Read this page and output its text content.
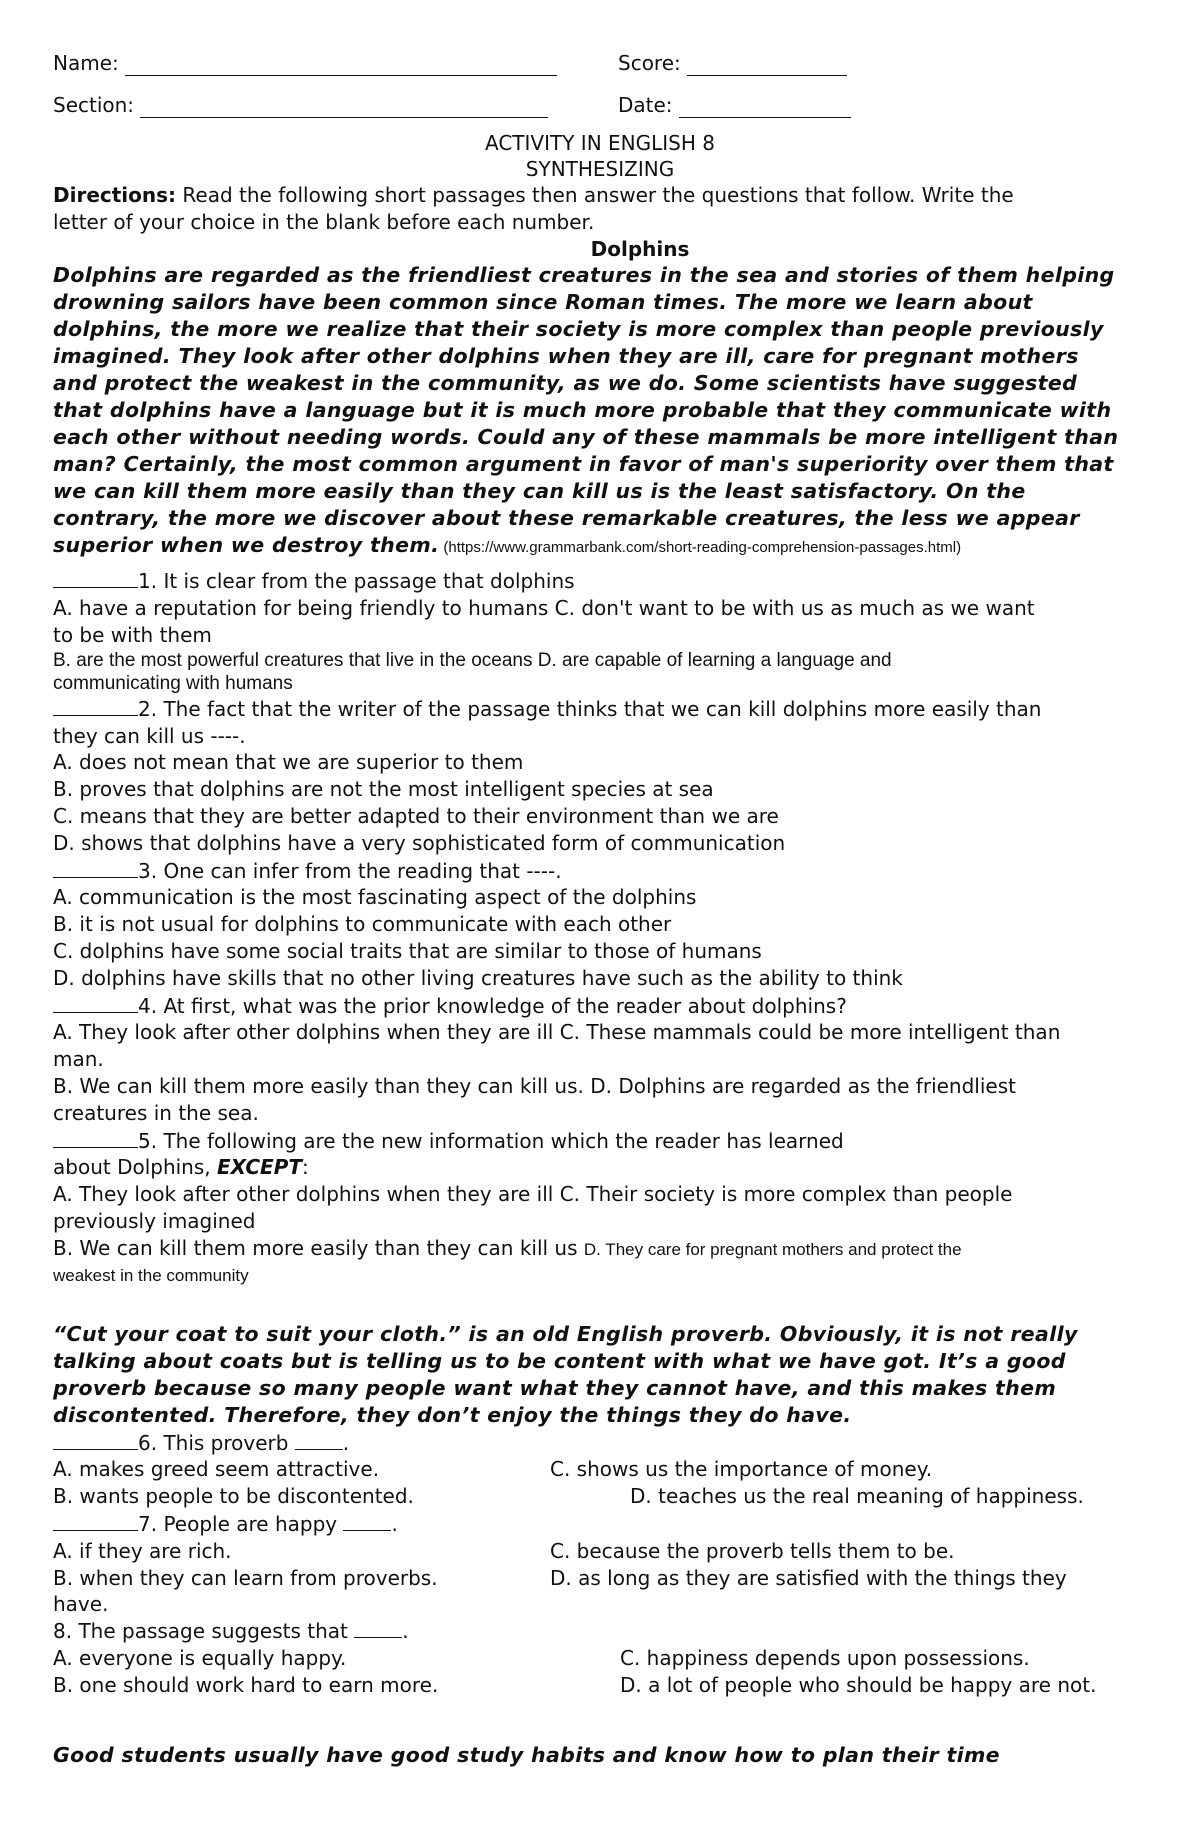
Name:	Score:
Section:	Date:
ACTIVITY IN ENGLISH 8
SYNTHESIZING
Directions: Read the following short passages then answer the questions that follow. Write the
letter of your choice in the blank before each number.
Dolphins
Dolphins are regarded as the friendliest creatures in the sea and stories of them helping
drowning sailors have been common since Roman times. The more we learn about
dolphins, the more we realize that their society is more complex than people previously
imagined. They look after other dolphins when they are ill, care for pregnant mothers
and protect the weakest in the community, as we do. Some scientists have suggested
that dolphins have a language but it is much more probable that they communicate with
each other without needing words. Could any of these mammals be more intelligent than
man? Certainly, the most common argument in favor of man's superiority over them that
we can kill them more easily than they can kill us is the least satisfactory. On the
contrary, the more we discover about these remarkable creatures, the less we appear
superior when we destroy them. (https://www.grammarbank.com/short-reading-comprehension-passages.html)
1. It is clear from the passage that dolphins
A. have a reputation for being friendly to humans C. don't want to be with us as much as we want
to be with them
B. are the most powerful creatures that live in the oceans D. are capable of learning a language and
communicating with humans
2. The fact that the writer of the passage thinks that we can kill dolphins more easily than
they can kill us ----.
A. does not mean that we are superior to them
B. proves that dolphins are not the most intelligent species at sea
C. means that they are better adapted to their environment than we are
D. shows that dolphins have a very sophisticated form of communication
3. One can infer from the reading that ----.
A. communication is the most fascinating aspect of the dolphins
B. it is not usual for dolphins to communicate with each other
C. dolphins have some social traits that are similar to those of humans
D. dolphins have skills that no other living creatures have such as the ability to think
4. At first, what was the prior knowledge of the reader about dolphins?
A. They look after other dolphins when they are ill C. These mammals could be more intelligent than
man.
B. We can kill them more easily than they can kill us. D. Dolphins are regarded as the friendliest
creatures in the sea.
5. The following are the new information which the reader has learned
about Dolphins, EXCEPT:
A. They look after other dolphins when they are ill C. Their society is more complex than people
previously imagined
B. We can kill them more easily than they can kill us D. They care for pregnant mothers and protect the
weakest in the community
“Cut your coat to suit your cloth.” is an old English proverb. Obviously, it is not really
talking about coats but is telling us to be content with what we have got. It’s a good
proverb because so many people want what they cannot have, and this makes them
discontented. Therefore, they don’t enjoy the things they do have.
6. This proverb .
A. makes greed seem attractive.	C. shows us the importance of money.
B. wants people to be discontented.	D. teaches us the real meaning of happiness.
7. People are happy .
A. if they are rich.	C. because the proverb tells them to be.
B. when they can learn from proverbs.	D. as long as they are satisfied with the things they
have.
8. The passage suggests that .
A. everyone is equally happy.	C. happiness depends upon possessions.
B. one should work hard to earn more.	D. a lot of people who should be happy are not.
Good students usually have good study habits and know how to plan their time
